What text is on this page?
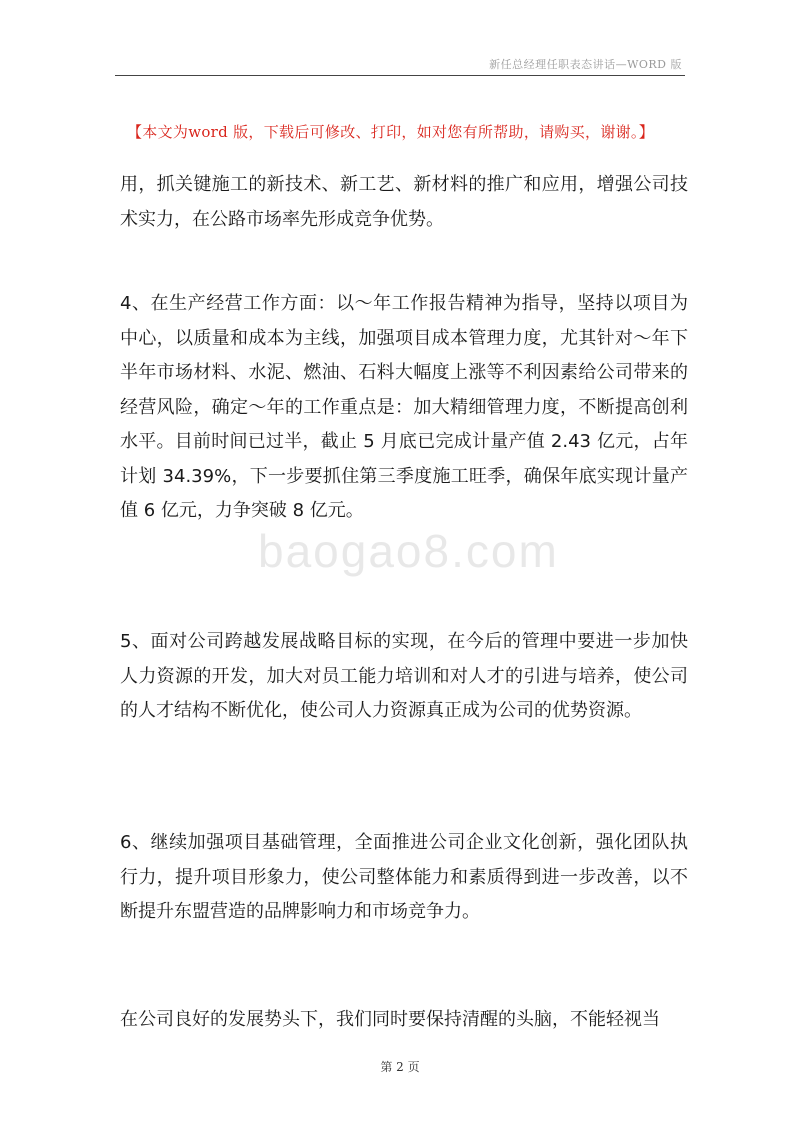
新任总经理任职表态讲话—WORD 版
【本文为word 版，下载后可修改、打印，如对您有所帮助，请购买，谢谢。】
用，抓关键施工的新技术、新工艺、新材料的推广和应用，增强公司技术实力，在公路市场率先形成竞争优势。
4、在生产经营工作方面：以～年工作报告精神为指导，坚持以项目为中心，以质量和成本为主线，加强项目成本管理力度，尤其针对～年下半年市场材料、水泥、燃油、石料大幅度上涨等不利因素给公司带来的经营风险，确定～年的工作重点是：加大精细管理力度，不断提高创利水平。目前时间已过半，截止 5 月底已完成计量产值 2.43 亿元，占年计划 34.39%，下一步要抓住第三季度施工旺季，确保年底实现计量产值 6 亿元，力争突破 8 亿元。
5、面对公司跨越发展战略目标的实现，在今后的管理中要进一步加快人力资源的开发，加大对员工能力培训和对人才的引进与培养，使公司的人才结构不断优化，使公司人力资源真正成为公司的优势资源。
6、继续加强项目基础管理，全面推进公司企业文化创新，强化团队执行力，提升项目形象力，使公司整体能力和素质得到进一步改善，以不断提升东盟营造的品牌影响力和市场竞争力。
在公司良好的发展势头下，我们同时要保持清醒的头脑，不能轻视当
baogao8.com
第 2 页
